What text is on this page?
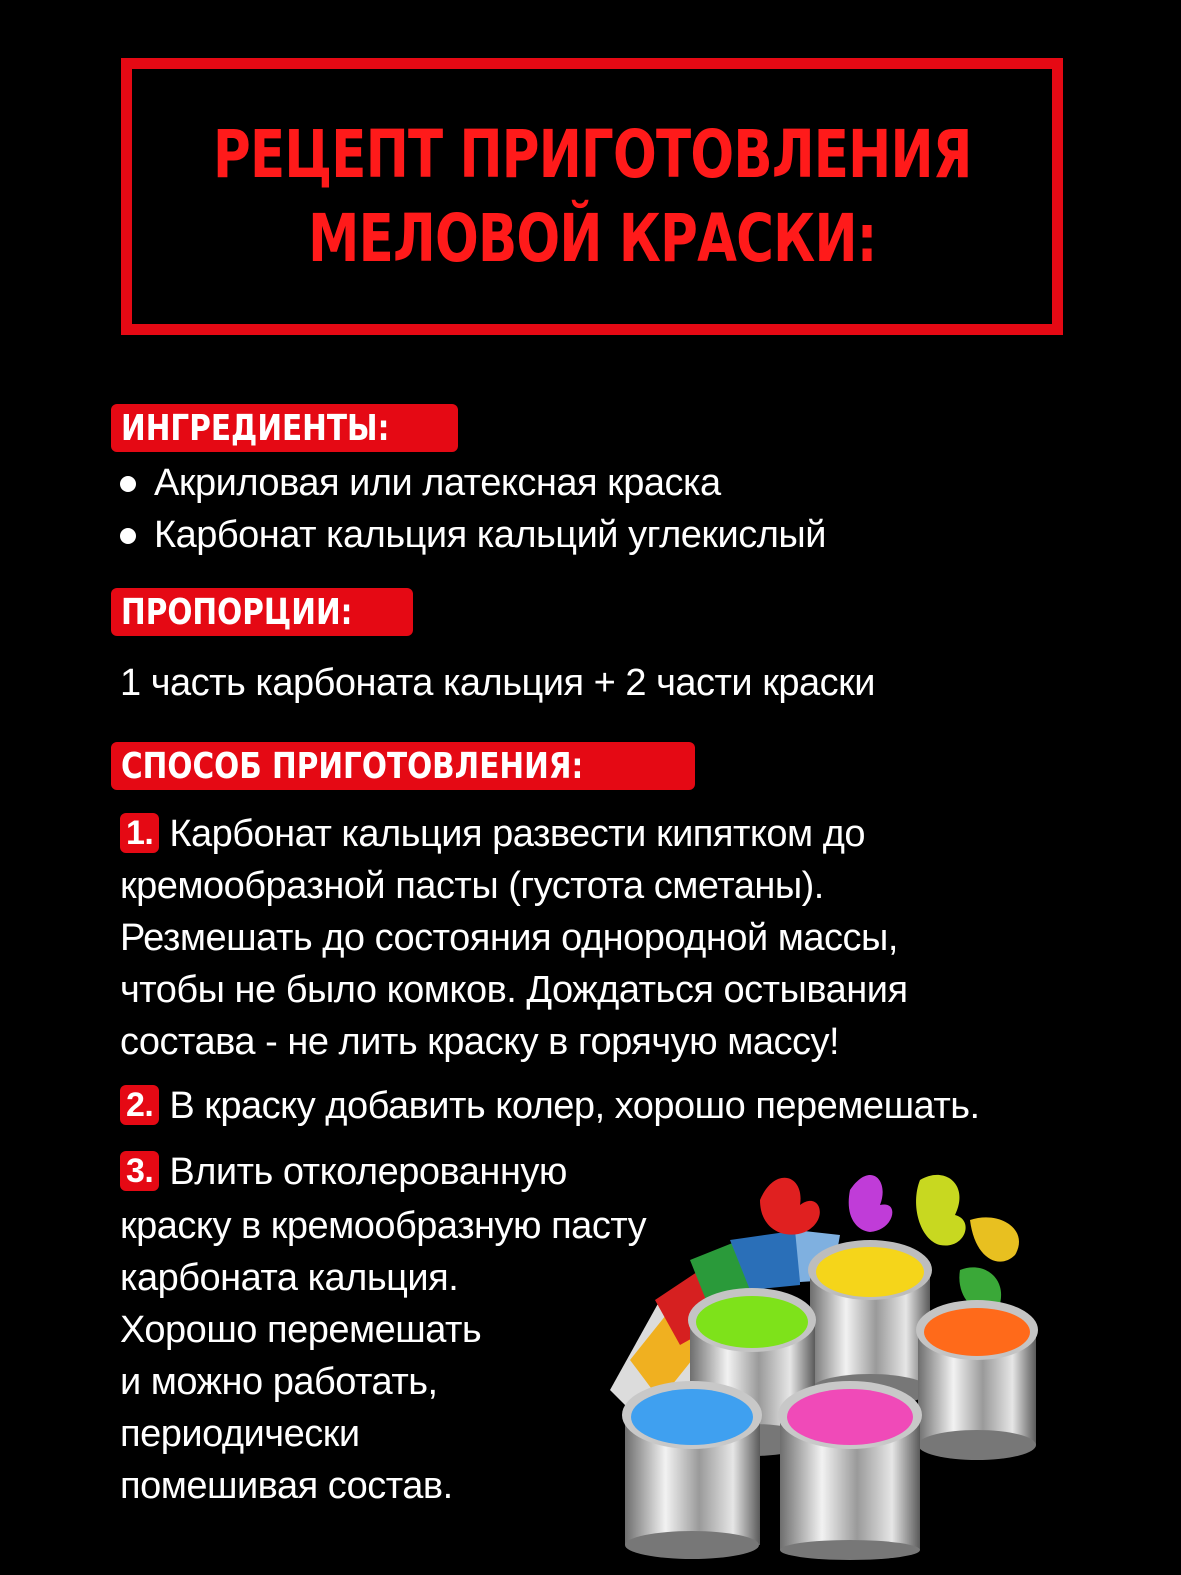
РЕЦЕПТ ПРИГОТОВЛЕНИЯ
МЕЛОВОЙ КРАСКИ:
ИНГРЕДИЕНТЫ:
Акриловая или латексная краска
Карбонат кальция кальций углекислый
ПРОПОРЦИИ:
1 часть карбоната кальция + 2 части краски
СПОСОБ ПРИГОТОВЛЕНИЯ:
1. Карбонат кальция развести кипятком до
кремообразной пасты (густота сметаны).
Резмешать до состояния однородной массы,
чтобы не было комков. Дождаться остывания
состава - не лить краску в горячую массу!
2. В краску добавить колер, хорошо перемешать.
3. Влить отколерованную
краску в кремообразную пасту
карбоната кальция.
Хорошо перемешать
и можно работать,
периодически
помешивая состав.
